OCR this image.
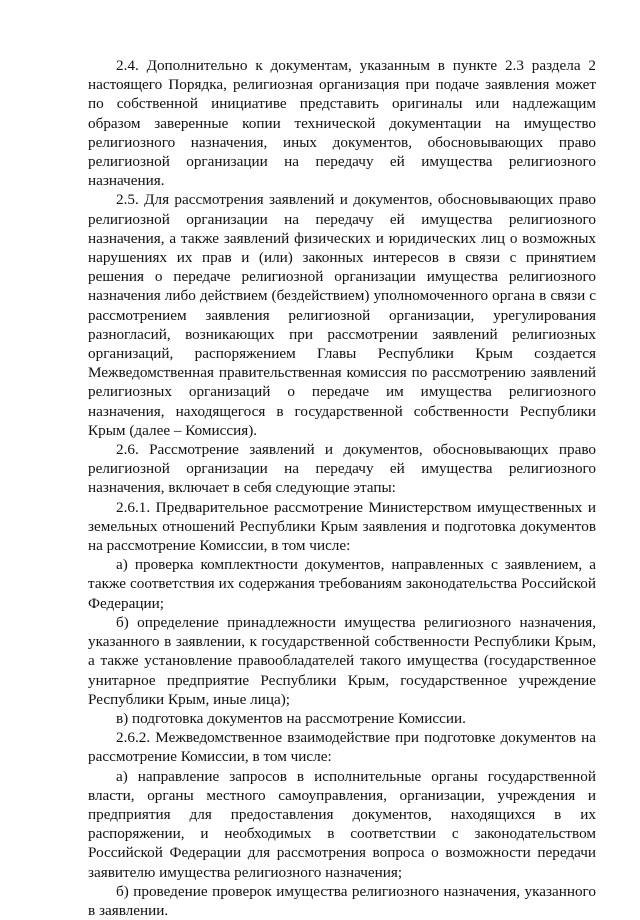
2.4. Дополнительно к документам, указанным в пункте 2.3 раздела 2 настоящего Порядка, религиозная организация при подаче заявления может по собственной инициативе представить оригиналы или надлежащим образом заверенные копии технической документации на имущество религиозного назначения, иных документов, обосновывающих право религиозной организации на передачу ей имущества религиозного назначения.

2.5. Для рассмотрения заявлений и документов, обосновывающих право религиозной организации на передачу ей имущества религиозного назначения, а также заявлений физических и юридических лиц о возможных нарушениях их прав и (или) законных интересов в связи с принятием решения о передаче религиозной организации имущества религиозного назначения либо действием (бездействием) уполномоченного органа в связи с рассмотрением заявления религиозной организации, урегулирования разногласий, возникающих при рассмотрении заявлений религиозных организаций, распоряжением Главы Республики Крым создается Межведомственная правительственная комиссия по рассмотрению заявлений религиозных организаций о передаче им имущества религиозного назначения, находящегося в государственной собственности Республики Крым (далее – Комиссия).

2.6. Рассмотрение заявлений и документов, обосновывающих право религиозной организации на передачу ей имущества религиозного назначения, включает в себя следующие этапы:

2.6.1. Предварительное рассмотрение Министерством имущественных и земельных отношений Республики Крым заявления и подготовка документов на рассмотрение Комиссии, в том числе:

а) проверка комплектности документов, направленных с заявлением, а также соответствия их содержания требованиям законодательства Российской Федерации;

б) определение принадлежности имущества религиозного назначения, указанного в заявлении, к государственной собственности Республики Крым, а также установление правообладателей такого имущества (государственное унитарное предприятие Республики Крым, государственное учреждение Республики Крым, иные лица);

в) подготовка документов на рассмотрение Комиссии.

2.6.2. Межведомственное взаимодействие при подготовке документов на рассмотрение Комиссии, в том числе:

а) направление запросов в исполнительные органы государственной власти, органы местного самоуправления, организации, учреждения и предприятия для предоставления документов, находящихся в их распоряжении, и необходимых в соответствии с законодательством Российской Федерации для рассмотрения вопроса о возможности передачи заявителю имущества религиозного назначения;

б) проведение проверок имущества религиозного назначения, указанного в заявлении.
